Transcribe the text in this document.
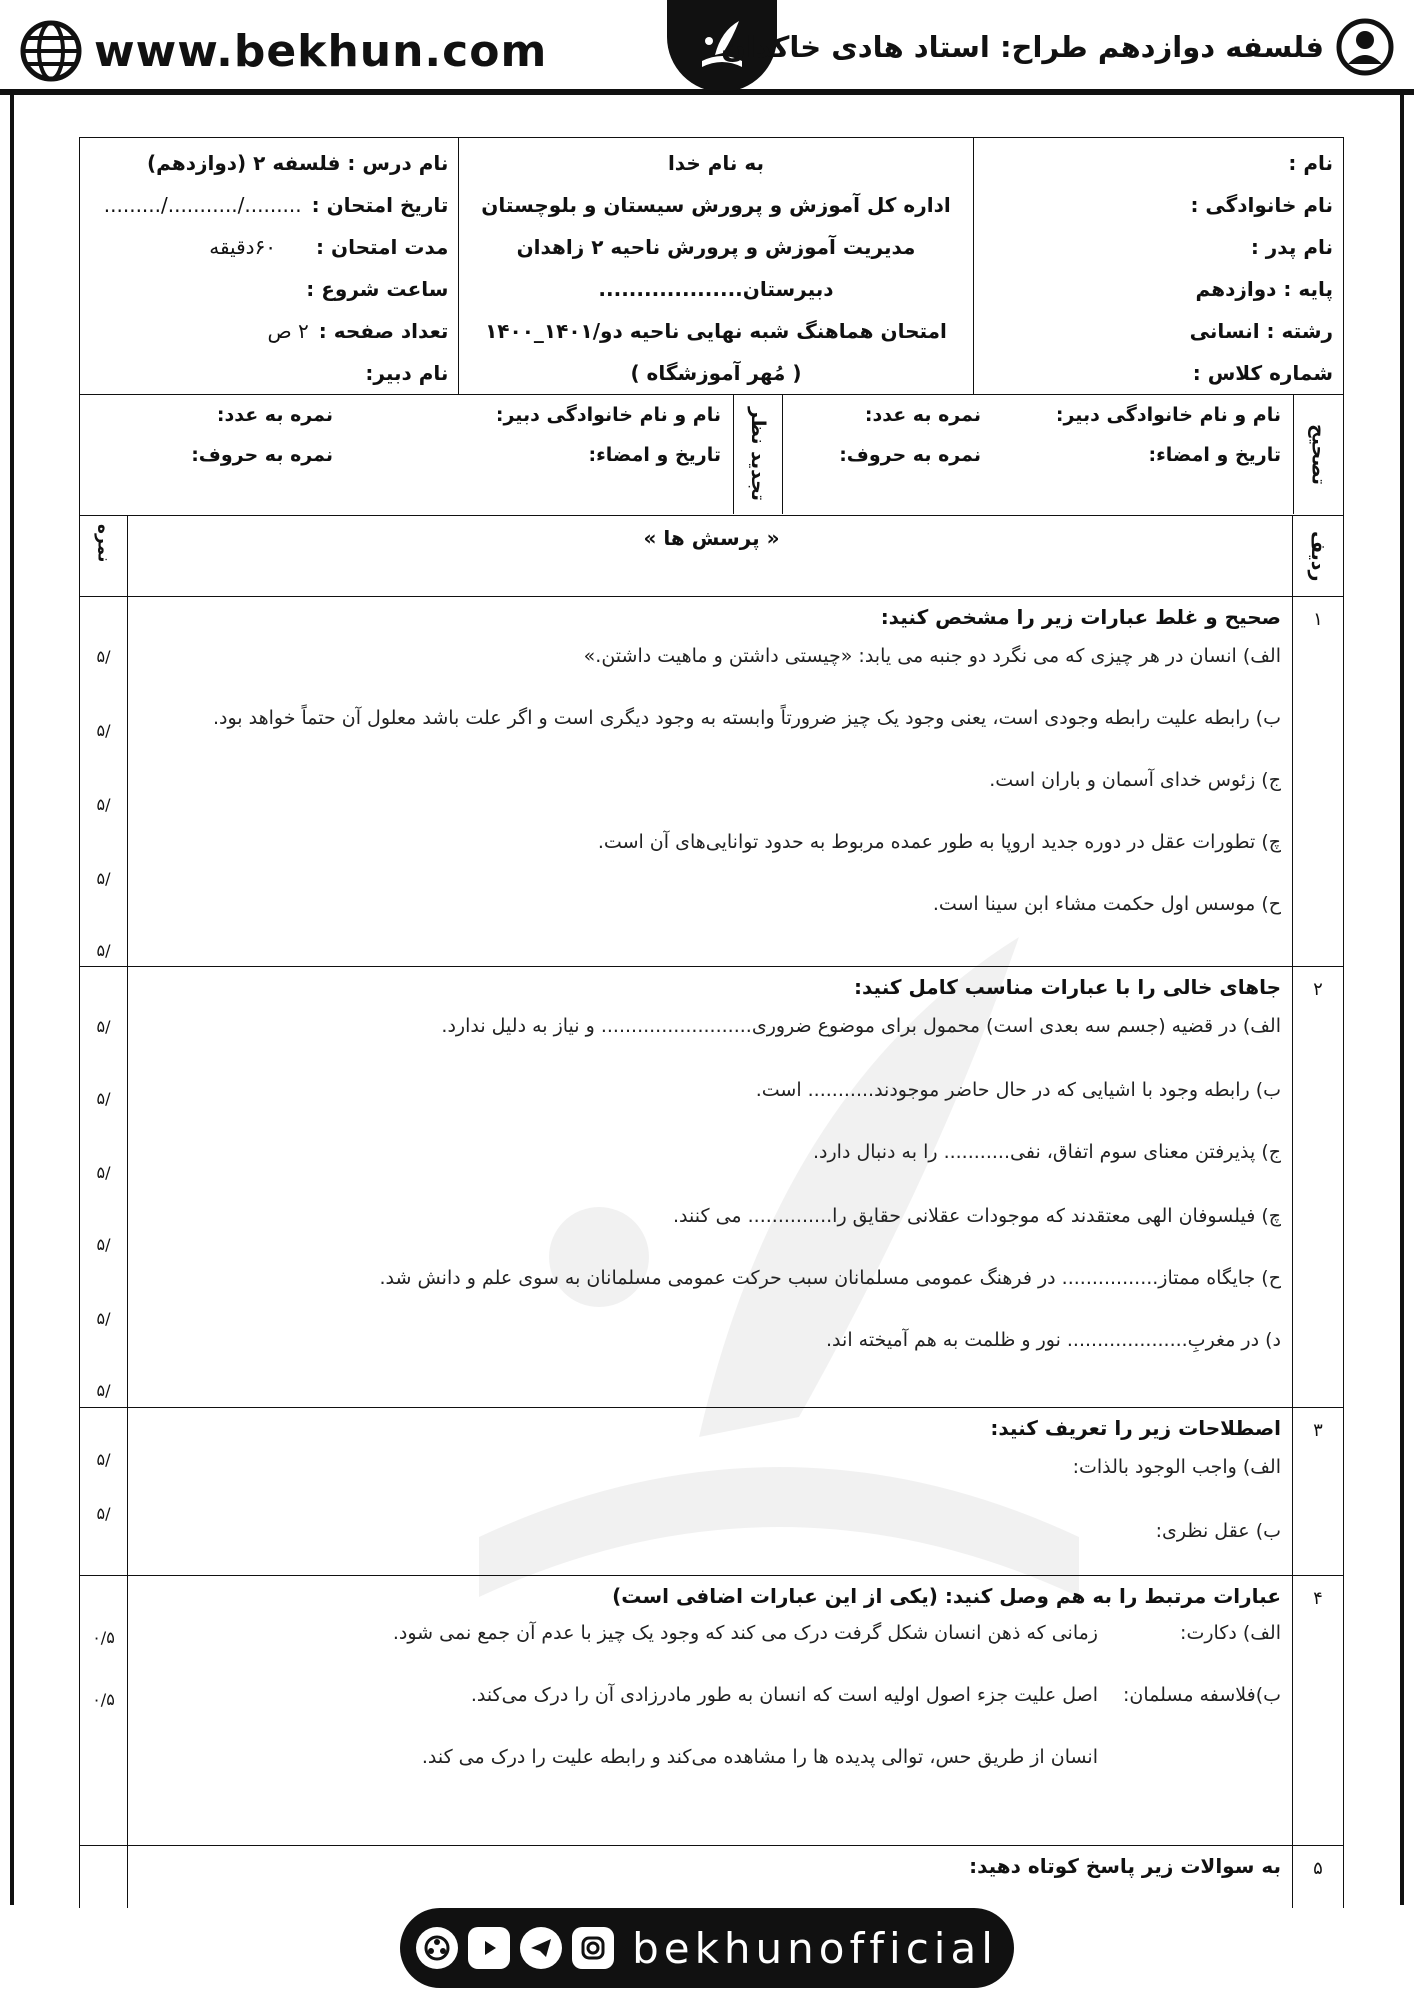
www.bekhun.com	فلسفه دوازدهم طراح: استاد هادی خاکدان
نام :
نام خانوادگی :
نام پدر :
پایه : دوازدهم
رشته : انسانی
شماره کلاس :
به نام خدا
اداره کل آموزش و پرورش سیستان و بلوچستان
مدیریت آموزش و پرورش ناحیه ۲ زاهدان
دبیرستان...................
امتحان هماهنگ شبه نهایی ناحیه دو/۱۴۰۱_۱۴۰۰
( مُهر آموزشگاه )
نام درس : فلسفه ۲ (دوازدهم)
تاریخ امتحان :
........./.........../.........
مدت امتحان :
۶۰دقیقه
ساعت شروع :
تعداد صفحه :
۲ ص
نام دبیر:
تصحیح
نام و نام خانوادگی دبیر:
تاریخ و امضاء:
نمره به عدد:
نمره به حروف:
تجدید نظر
نام و نام خانوادگی دبیر:
تاریخ و امضاء:
نمره به عدد:
نمره به حروف:
ردیف
« پرسش ها »
نمره
۱
صحیح و غلط عبارات زیر را مشخص کنید:
الف) انسان در هر چیزی که می نگرد دو جنبه می یابد: «چیستی داشتن و ماهیت داشتن.»
ب) رابطه علیت رابطه وجودی است، یعنی وجود یک چیز ضرورتاً وابسته به وجود دیگری است و اگر علت باشد معلول آن حتماً خواهد بود.
ج) زئوس خدای آسمان و باران است.
چ) تطورات عقل در دوره جدید اروپا به طور عمده مربوط به حدود توانایی‌های آن است.
ح) موسس اول حکمت مشاء ابن سینا است.
/۵
/۵
/۵
/۵
/۵
۲
جاهای خالی را با عبارات مناسب کامل کنید:
الف) در قضیه (جسم سه بعدی است) محمول برای موضوع ضروری......................... و نیاز به دلیل ندارد.
ب) رابطه وجود با اشیایی که در حال حاضر موجودند........... است.
ج) پذیرفتن معنای سوم اتفاق، نفی........... را به دنبال دارد.
چ) فیلسوفان الهی معتقدند که موجودات عقلانی حقایق را.............. می کنند.
ح) جایگاه ممتاز................ در فرهنگ عمومی مسلمانان سبب حرکت عمومی مسلمانان به سوی علم و دانش شد.
د) در مغربِ.................... نور و ظلمت به هم آمیخته اند.
/۵
/۵
/۵
/۵
/۵
/۵
۳
اصطلاحات زیر را تعریف کنید:
الف) واجب الوجود بالذات:
ب) عقل نظری:
/۵
/۵
۴
عبارات مرتبط را به هم وصل کنید: (یکی از این عبارات اضافی است)
الف) دکارت:
ب)فلاسفه مسلمان:
زمانی که ذهن انسان شکل گرفت درک می کند که وجود یک چیز با عدم آن جمع نمی شود.
اصل علیت جزء اصول اولیه است که انسان به طور مادرزادی آن را درک می‌کند.
انسان از طریق حس، توالی پدیده ها را مشاهده می‌کند و رابطه علیت را درک می کند.
۰/۵
۰/۵
۵
به سوالات زیر پاسخ کوتاه دهید:
bekhunofficial
